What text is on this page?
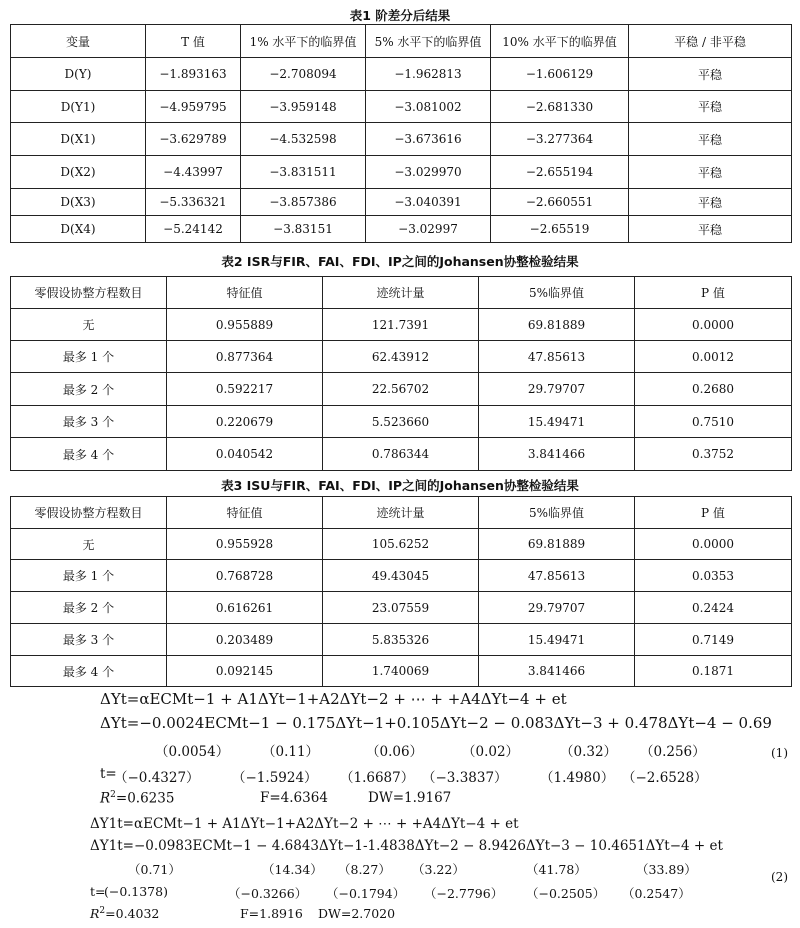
表1 阶差分后结果
变量	T 值	1% 水平下的临界值	5% 水平下的临界值	10% 水平下的临界值	平稳 / 非平稳
D(Y)	−1.893163	−2.708094	−1.962813	−1.606129	平稳
D(Y1)	−4.959795	−3.959148	−3.081002	−2.681330	平稳
D(X1)	−3.629789	−4.532598	−3.673616	−3.277364	平稳
D(X2)	−4.43997	−3.831511	−3.029970	−2.655194	平稳
D(X3)	−5.336321	−3.857386	−3.040391	−2.660551	平稳
D(X4)	−5.24142	−3.83151	−3.02997	−2.65519	平稳
表2 ISR与FIR、FAI、FDI、IP之间的Johansen协整检验结果
零假设协整方程数目	特征值	迹统计量	5%临界值	P 值
无	0.955889	121.7391	69.81889	0.0000
最多 1 个	0.877364	62.43912	47.85613	0.0012
最多 2 个	0.592217	22.56702	29.79707	0.2680
最多 3 个	0.220679	5.523660	15.49471	0.7510
最多 4 个	0.040542	0.786344	3.841466	0.3752
表3 ISU与FIR、FAI、FDI、IP之间的Johansen协整检验结果
零假设协整方程数目	特征值	迹统计量	5%临界值	P 值
无	0.955928	105.6252	69.81889	0.0000
最多 1 个	0.768728	49.43045	47.85613	0.0353
最多 2 个	0.616261	23.07559	29.79707	0.2424
最多 3 个	0.203489	5.835326	15.49471	0.7149
最多 4 个	0.092145	1.740069	3.841466	0.1871
ΔYt=αECMt−1 + A1ΔYt−1+A2ΔYt−2 + ⋯ + +A4ΔYt−4 + et
ΔYt=−0.0024ECMt−1 − 0.175ΔYt−1+0.105ΔYt−2 − 0.083ΔYt−3 + 0.478ΔYt−4 − 0.69
（0.0054） （0.11）	（0.06）	（0.02）	（0.32） （0.256）	(1)
t=
（−0.4327） （−1.5924） （1.6687） （−3.3837） （1.4980） （−2.6528）
$R^2=0.6235$	F=4.6364	DW=1.9167
ΔY1t=αECMt−1 + A1ΔYt−1+A2ΔYt−2 + ⋯ + +A4ΔYt−4 + et
ΔY1t=−0.0983ECMt−1 − 4.6843ΔYt−1-1.4838ΔYt−2 − 8.9426ΔYt−3 − 10.4651ΔYt−4 + et
（0.71）	（14.34） （8.27） （3.22）	（41.78）	（33.89）	(2)
t=
(−0.1378)	（−0.3266） （−0.1794） （−2.7796） （−0.2505） （0.2547）
$R^2=0.4032$	F=1.8916 DW=2.7020
